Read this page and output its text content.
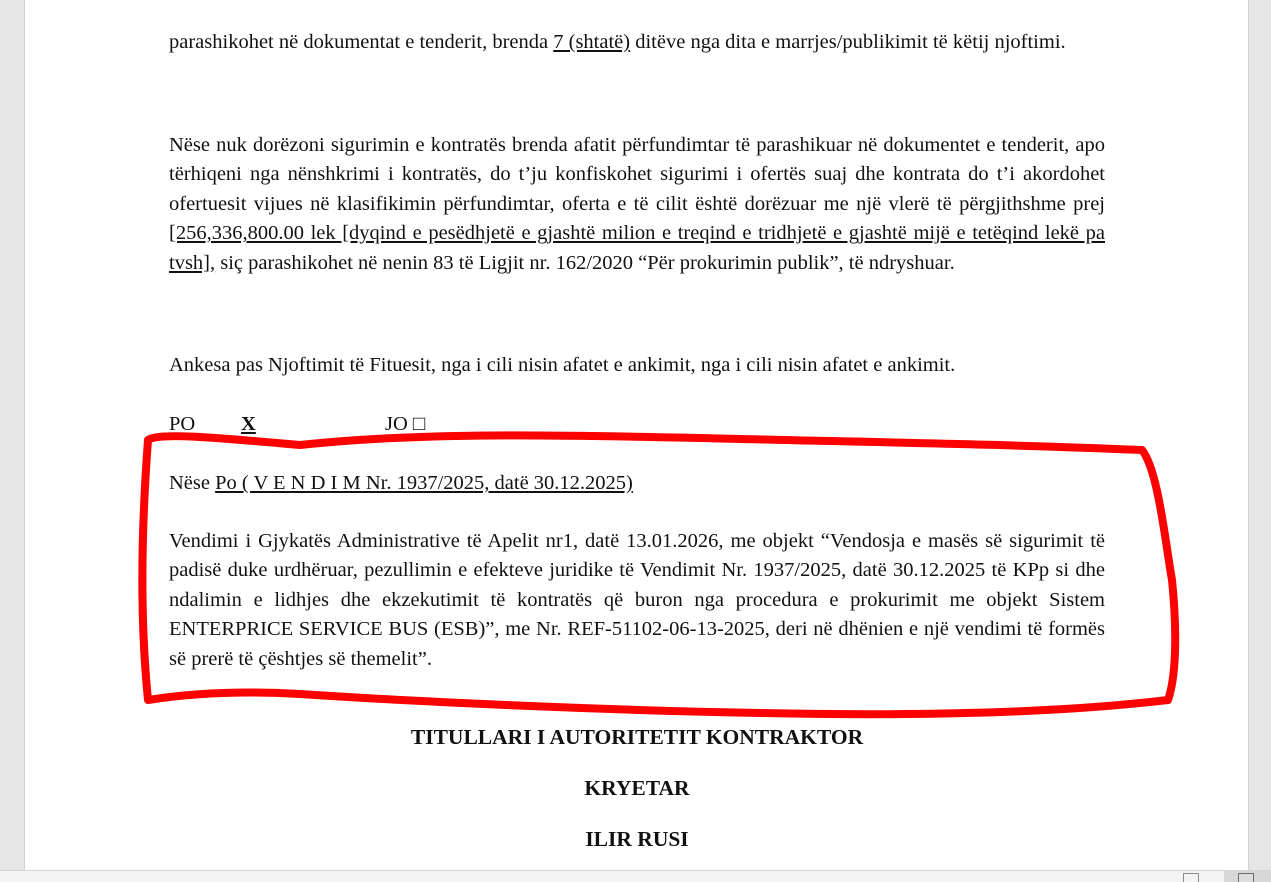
parashikohet në dokumentat e tenderit, brenda 7 (shtatë) ditëve nga dita e marrjes/publikimit të këtij njoftimi.
Nëse nuk dorëzoni sigurimin e kontratës brenda afatit përfundimtar të parashikuar në dokumentet e tenderit, apo tërhiqeni nga nënshkrimi i kontratës, do t’ju konfiskohet sigurimi i ofertës suaj dhe kontrata do t’i akordohet ofertuesit vijues në klasifikimin përfundimtar, oferta e të cilit është dorëzuar me një vlerë të përgjithshme prej [256,336,800.00 lek [dyqind e pesëdhjetë e gjashtë milion e treqind e tridhjetë e gjashtë mijë e tetëqind lekë pa tvsh], siç parashikohet në nenin 83 të Ligjit nr. 162/2020 “Për prokurimin publik”, të ndryshuar.
Ankesa pas Njoftimit të Fituesit, nga i cili nisin afatet e ankimit, nga i cili nisin afatet e ankimit.
PO X	JO □
Nëse Po ( V E N D I M Nr. 1937/2025, datë 30.12.2025)
Vendimi i Gjykatës Administrative të Apelit nr1, datë 13.01.2026, me objekt “Vendosja e masës së sigurimit të padisë duke urdhëruar, pezullimin e efekteve juridike të Vendimit Nr. 1937/2025, datë 30.12.2025 të KPp si dhe ndalimin e lidhjes dhe ekzekutimit të kontratës që buron nga procedura e prokurimit me objekt Sistem ENTERPRICE SERVICE BUS (ESB)”, me Nr. REF-51102-06-13-2025, deri në dhënien e një vendimi të formës së prerë të çështjes së themelit”.
TITULLARI I AUTORITETIT KONTRAKTOR
KRYETAR
ILIR RUSI
